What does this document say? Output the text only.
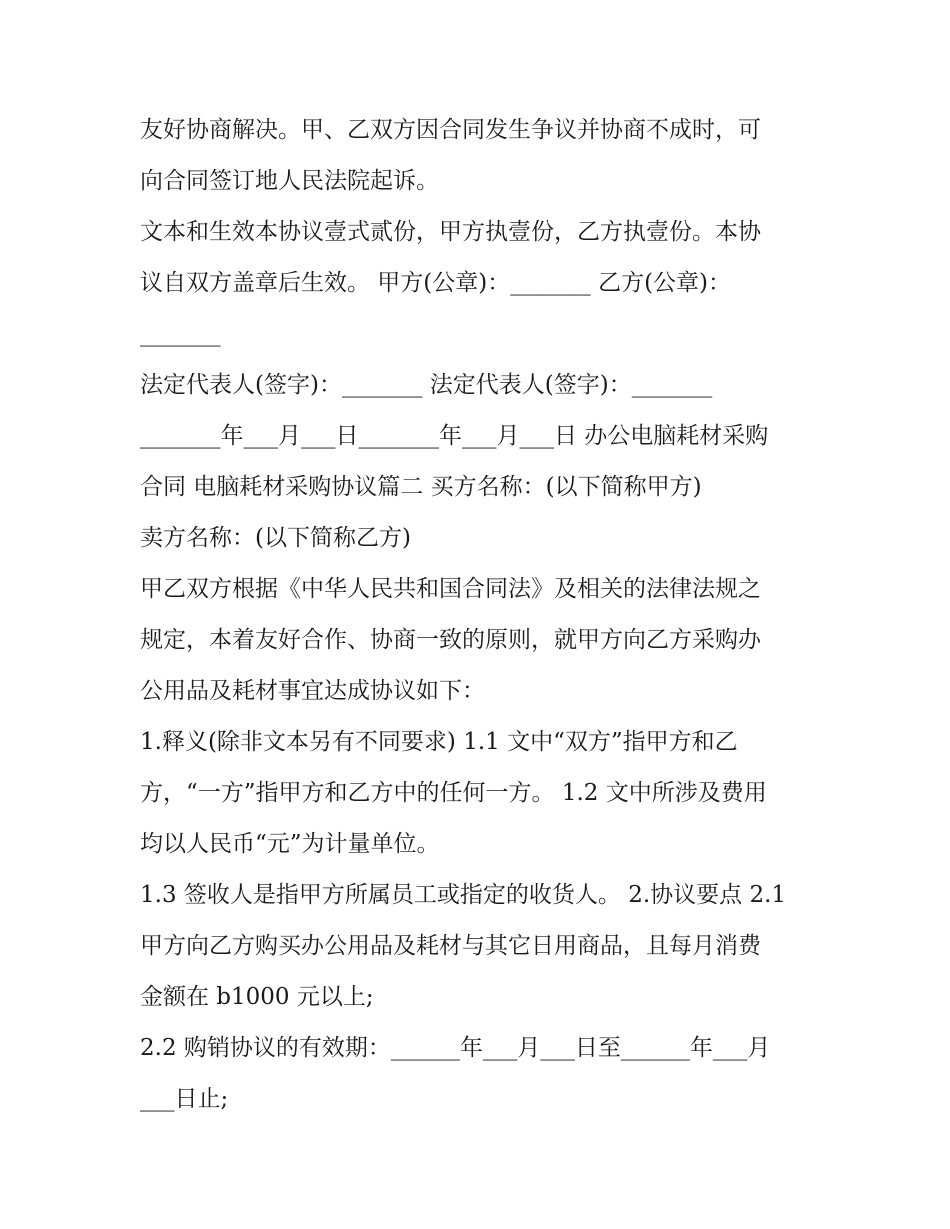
友好协商解决。甲、乙双方因合同发生争议并协商不成时，可
向合同签订地人民法院起诉。
文本和生效本协议壹式贰份，甲方执壹份，乙方执壹份。本协
议自双方盖章后生效。 甲方(公章)：_______ 乙方(公章)：
_______
法定代表人(签字)：_______ 法定代表人(签字)：_______
_______年___月___日_______年___月___日 办公电脑耗材采购
合同 电脑耗材采购协议篇二 买方名称：(以下简称甲方)
卖方名称：(以下简称乙方)
甲乙双方根据《中华人民共和国合同法》及相关的法律法规之
规定，本着友好合作、协商一致的原则，就甲方向乙方采购办
公用品及耗材事宜达成协议如下：
1.释义(除非文本另有不同要求) 1.1 文中“双方”指甲方和乙
方，“一方”指甲方和乙方中的任何一方。 1.2 文中所涉及费用
均以人民币“元”为计量单位。
1.3 签收人是指甲方所属员工或指定的收货人。 2.协议要点 2.1
甲方向乙方购买办公用品及耗材与其它日用商品，且每月消费
金额在 b1000 元以上;
2.2 购销协议的有效期：______年___月___日至______年___月
___日止;
